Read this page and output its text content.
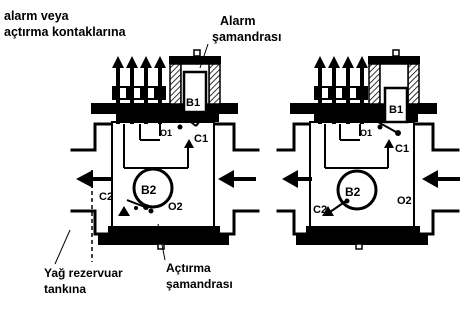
B1
B2
O1
O2
C1
C2
B1
B2
O1
O2
C1
C2
alarm veya
açtırma kontaklarına
Alarm
şamandrası
Yağ rezervuar
tankına
Açtırma
şamandrası
